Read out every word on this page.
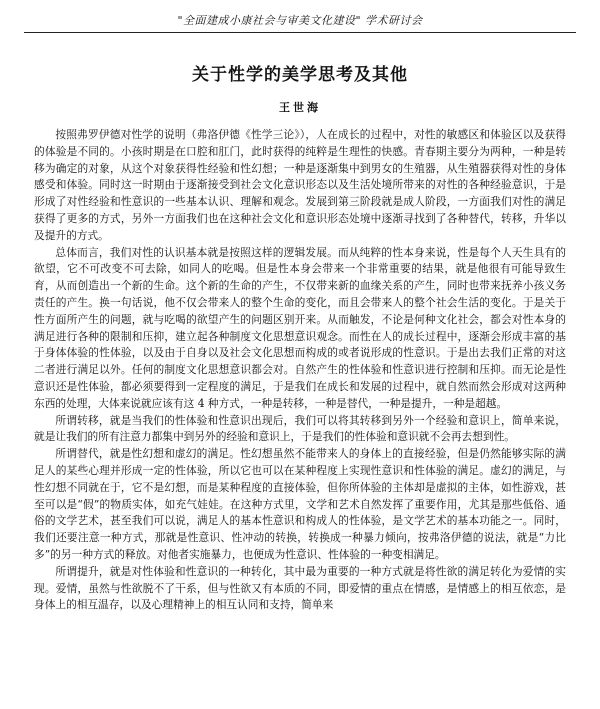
"全面建成小康社会与审美文化建设" 学术研讨会
关于性学的美学思考及其他
王世海

按照弗罗伊德对性学的说明（弗洛伊德《性学三论》），人在成长的过程中，对性的敏感区和体验区以及获得的体验是不同的。小孩时期是在口腔和肛门，此时获得的纯粹是生理性的快感。青春期主要分为两种，一种是转移为确定的对象，从这个对象获得性经验和性幻想；一种是逐渐集中到男女的生殖器，从生殖器获得对性的身体感受和体验。同时这一时期由于逐渐接受到社会文化意识形态以及生活处境所带来的对性的各种经验意识，于是形成了对性经验和性意识的一些基本认识、理解和观念。发展到第三阶段就是成人阶段，一方面我们对性的满足获得了更多的方式，另外一方面我们也在这种社会文化和意识形态处境中逐渐寻找到了各种替代，转移，升华以及提升的方式。

总体而言，我们对性的认识基本就是按照这样的逻辑发展。而从纯粹的性本身来说，性是每个人天生具有的欲望，它不可改变不可去除，如同人的吃喝。但是性本身会带来一个非常重要的结果，就是他很有可能导致生育，从而创造出一个新的生命。这个新的生命的产生，不仅带来新的血缘关系的产生，同时也带来抚养小孩义务责任的产生。换一句话说，他不仅会带来人的整个生命的变化，而且会带来人的整个社会生活的变化。于是关于性方面所产生的问题，就与吃喝的欲望产生的问题区别开来。从而触发，不论是何种文化社会，都会对性本身的满足进行各种的限制和压抑，建立起各种制度文化思想意识观念。而性在人的成长过程中，逐渐会形成丰富的基于身体体验的性体验，以及由于自身以及社会文化思想而构成的或者说形成的性意识。于是出去我们正常的对这二者进行满足以外。任何的制度文化思想意识都会对。自然产生的性体验和性意识进行控制和压抑。而无论是性意识还是性体验，都必须要得到一定程度的满足，于是我们在成长和发展的过程中，就自然而然会形成对这两种东西的处理，大体来说就应该有这 4 种方式，一种是转移，一种是替代，一种是提升，一种是超越。

所谓转移，就是当我们的性体验和性意识出现后，我们可以将其转移到另外一个经验和意识上，简单来说，就是让我们的所有注意力都集中到另外的经验和意识上，于是我们的性体验和意识就不会再去想到性。

所谓替代，就是性幻想和虚幻的满足。性幻想虽然不能带来人的身体上的直接经验，但是仍然能够实际的满足人的某些心理并形成一定的性体验，所以它也可以在某种程度上实现性意识和性体验的满足。虚幻的满足，与性幻想不同就在于，它不是幻想，而是某种程度的直接体验，但你所体验的主体却是虚拟的主体，如性游戏，甚至可以是“假”的物质实体，如充气娃娃。在这种方式里，文学和艺术自然发挥了重要作用，尤其是那些低俗、通俗的文学艺术，甚至我们可以说，满足人的基本性意识和构成人的性体验，是文学艺术的基本功能之一。同时，我们还要注意一种方式，那就是性意识、性冲动的转换，转换成一种暴力倾向，按弗洛伊德的说法，就是“力比多”的另一种方式的释放。对他者实施暴力，也便成为性意识、性体验的一种变相满足。

所谓提升，就是对性体验和性意识的一种转化，其中最为重要的一种方式就是将性欲的满足转化为爱情的实现。爱情，虽然与性欲脱不了干系，但与性欲又有本质的不同，即爱情的重点在情感，是情感上的相互依恋，是身体上的相互温存，以及心理精神上的相互认同和支持，简单来
